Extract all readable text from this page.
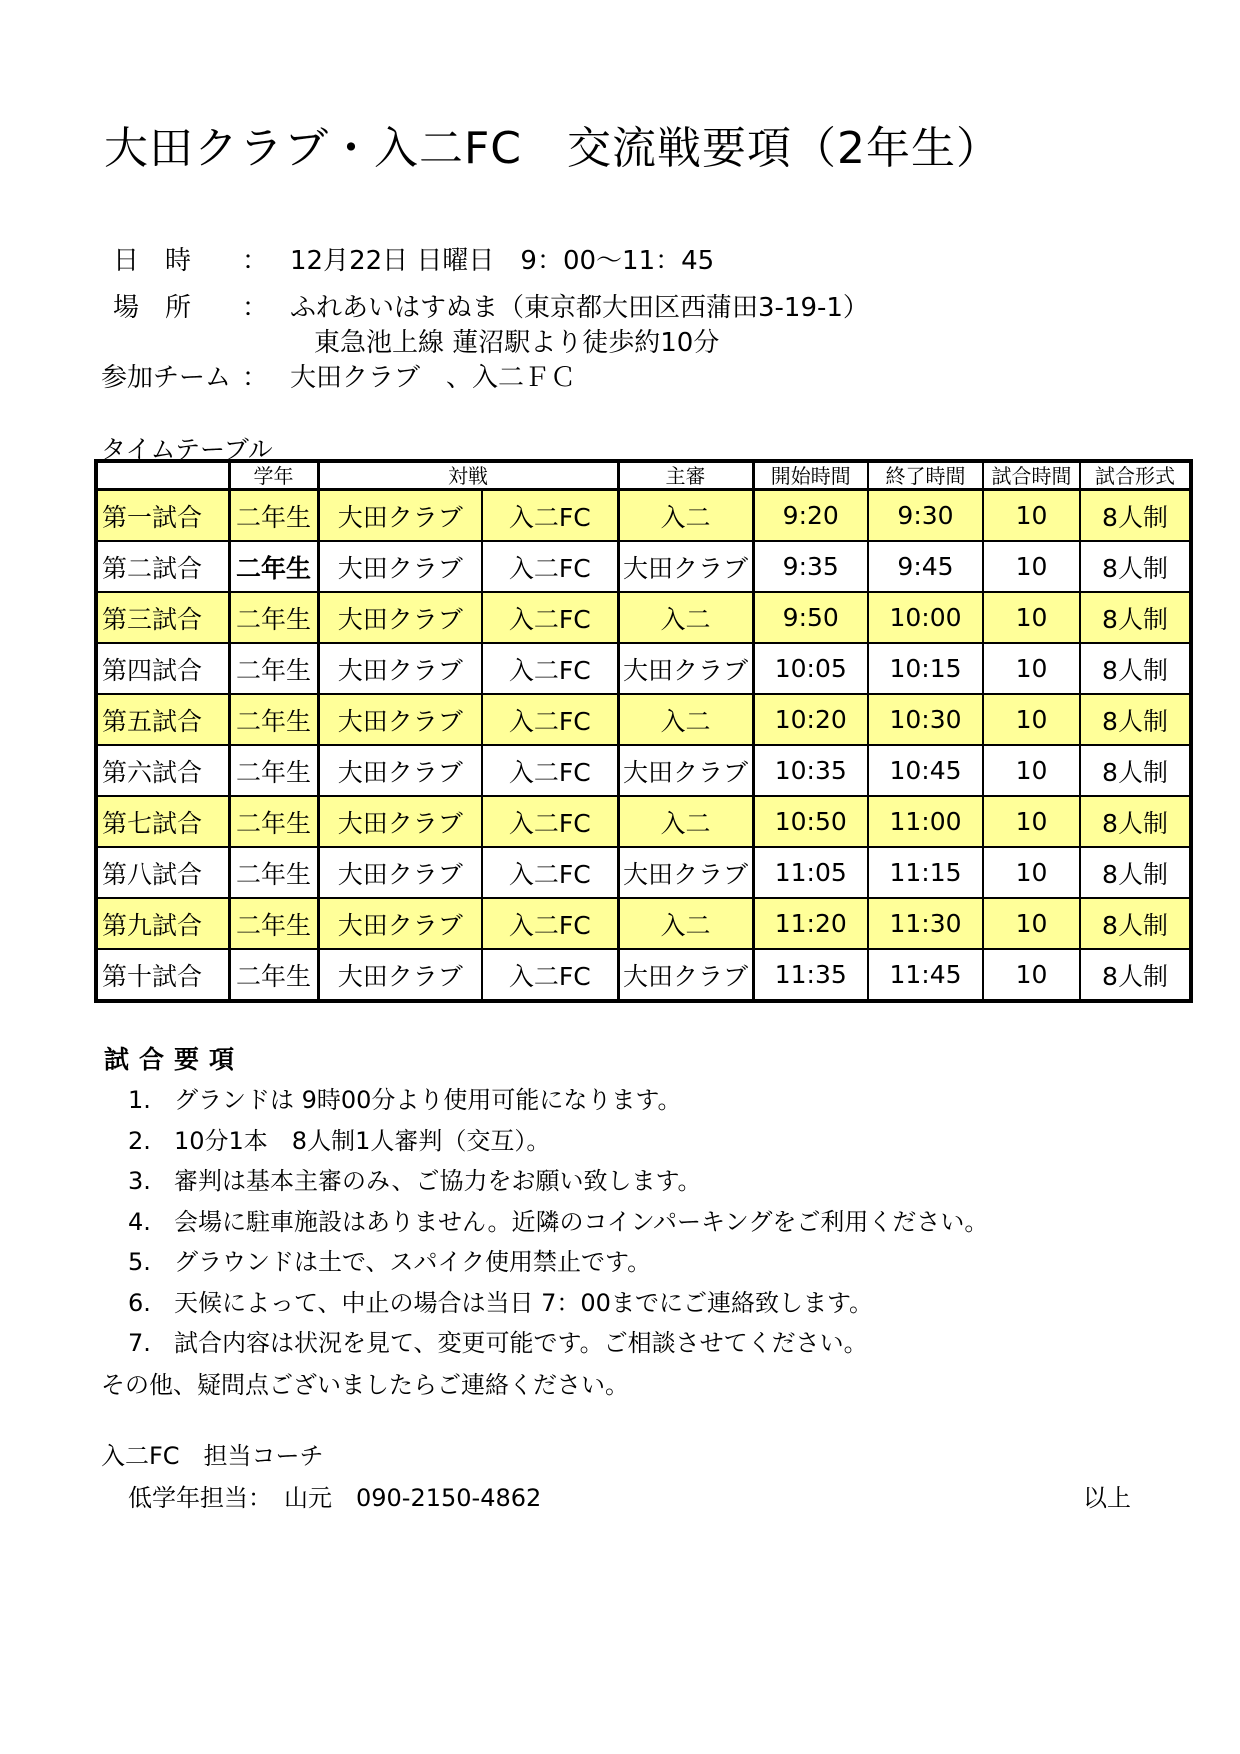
大田クラブ・入二FC　交流戦要項（2年生）
日　時 ： 12月22日 日曜日　9：00～11：45
場　所 ： ふれあいはすぬま（東京都大田区西蒲田3-19-1）
東急池上線 蓮沼駅より徒歩約10分
参加チーム ： 大田クラブ　、入二ＦＣ
タイムテーブル
	学年	対戦		主審	開始時間	終了時間	試合時間	試合形式
第一試合	二年生	大田クラブ	入二FC	入二	9:20	9:30	10	8人制
第二試合	二年生	大田クラブ	入二FC	大田クラブ	9:35	9:45	10	8人制
第三試合	二年生	大田クラブ	入二FC	入二	9:50	10:00	10	8人制
第四試合	二年生	大田クラブ	入二FC	大田クラブ	10:05	10:15	10	8人制
第五試合	二年生	大田クラブ	入二FC	入二	10:20	10:30	10	8人制
第六試合	二年生	大田クラブ	入二FC	大田クラブ	10:35	10:45	10	8人制
第七試合	二年生	大田クラブ	入二FC	入二	10:50	11:00	10	8人制
第八試合	二年生	大田クラブ	入二FC	大田クラブ	11:05	11:15	10	8人制
第九試合	二年生	大田クラブ	入二FC	入二	11:20	11:30	10	8人制
第十試合	二年生	大田クラブ	入二FC	大田クラブ	11:35	11:45	10	8人制
試合要項
1. グランドは 9時00分より使用可能になります。
2. 10分1本　8人制1人審判（交互）。
3. 審判は基本主審のみ、ご協力をお願い致します。
4. 会場に駐車施設はありません。近隣のコインパーキングをご利用ください。
5. グラウンドは土で、スパイク使用禁止です。
6. 天候によって、中止の場合は当日 7：00までにご連絡致します。
7. 試合内容は状況を見て、変更可能です。ご相談させてください。
その他、疑問点ございましたらご連絡ください。
入二FC　担当コーチ
低学年担当：　山元　090-2150-4862	以上
